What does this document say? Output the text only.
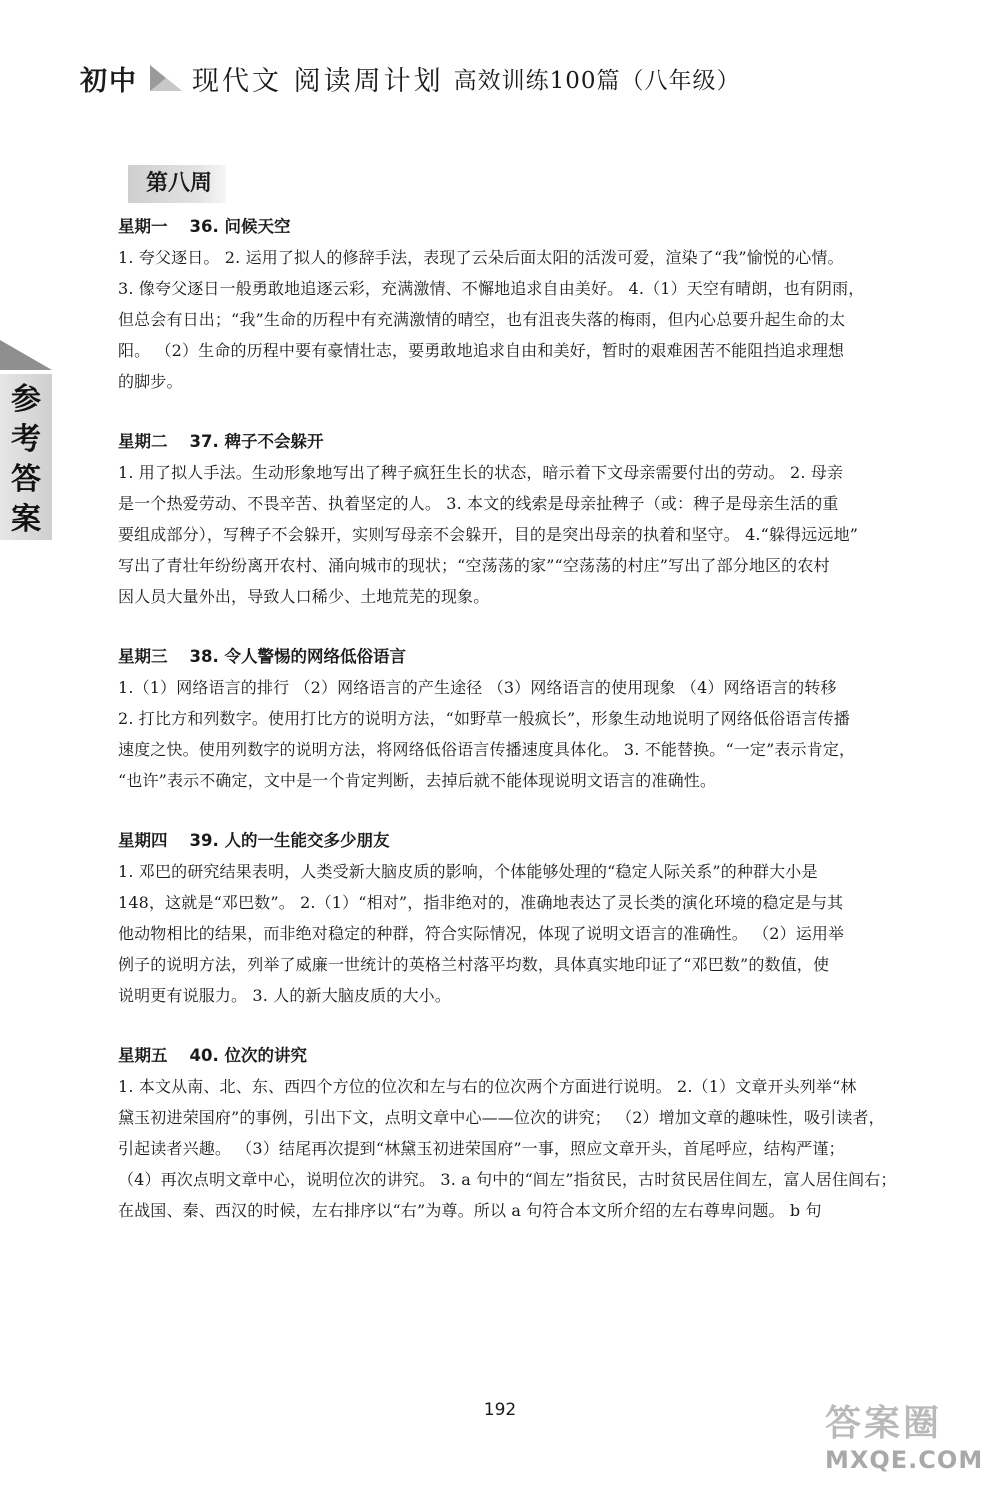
初中 现代文 阅读周计划 高效训练100篇（八年级）
参
考
答
案
第八周
星期一 36. 问候天空
1. 夸父逐日。 2. 运用了拟人的修辞手法，表现了云朵后面太阳的活泼可爱，渲染了“我”愉悦的心情。
3. 像夸父逐日一般勇敢地追逐云彩，充满激情、不懈地追求自由美好。 4.（1）天空有晴朗，也有阴雨，
但总会有日出；“我”生命的历程中有充满激情的晴空，也有沮丧失落的梅雨，但内心总要升起生命的太
阳。 （2）生命的历程中要有豪情壮志，要勇敢地追求自由和美好，暂时的艰难困苦不能阻挡追求理想
的脚步。
星期二 37. 稗子不会躲开
1. 用了拟人手法。生动形象地写出了稗子疯狂生长的状态，暗示着下文母亲需要付出的劳动。 2. 母亲
是一个热爱劳动、不畏辛苦、执着坚定的人。 3. 本文的线索是母亲扯稗子（或：稗子是母亲生活的重
要组成部分），写稗子不会躲开，实则写母亲不会躲开，目的是突出母亲的执着和坚守。 4.“躲得远远地”
写出了青壮年纷纷离开农村、涌向城市的现状；“空荡荡的家”“空荡荡的村庄”写出了部分地区的农村
因人员大量外出，导致人口稀少、土地荒芜的现象。
星期三 38. 令人警惕的网络低俗语言
1.（1）网络语言的排行 （2）网络语言的产生途径 （3）网络语言的使用现象 （4）网络语言的转移
2. 打比方和列数字。使用打比方的说明方法，“如野草一般疯长”，形象生动地说明了网络低俗语言传播
速度之快。使用列数字的说明方法，将网络低俗语言传播速度具体化。 3. 不能替换。“一定”表示肯定，
“也许”表示不确定，文中是一个肯定判断，去掉后就不能体现说明文语言的准确性。
星期四 39. 人的一生能交多少朋友
1. 邓巴的研究结果表明，人类受新大脑皮质的影响，个体能够处理的“稳定人际关系”的种群大小是
148，这就是“邓巴数”。 2.（1）“相对”，指非绝对的，准确地表达了灵长类的演化环境的稳定是与其
他动物相比的结果，而非绝对稳定的种群，符合实际情况，体现了说明文语言的准确性。 （2）运用举
例子的说明方法，列举了威廉一世统计的英格兰村落平均数，具体真实地印证了“邓巴数”的数值，使
说明更有说服力。 3. 人的新大脑皮质的大小。
星期五 40. 位次的讲究
1. 本文从南、北、东、西四个方位的位次和左与右的位次两个方面进行说明。 2.（1）文章开头列举“林
黛玉初进荣国府”的事例，引出下文，点明文章中心——位次的讲究； （2）增加文章的趣味性，吸引读者，
引起读者兴趣。 （3）结尾再次提到“林黛玉初进荣国府”一事，照应文章开头，首尾呼应，结构严谨；
（4）再次点明文章中心，说明位次的讲究。 3. a 句中的“闾左”指贫民，古时贫民居住闾左，富人居住闾右；
在战国、秦、西汉的时候，左右排序以“右”为尊。所以 a 句符合本文所介绍的左右尊卑问题。 b 句
192	答案圈
MXQE.COM
